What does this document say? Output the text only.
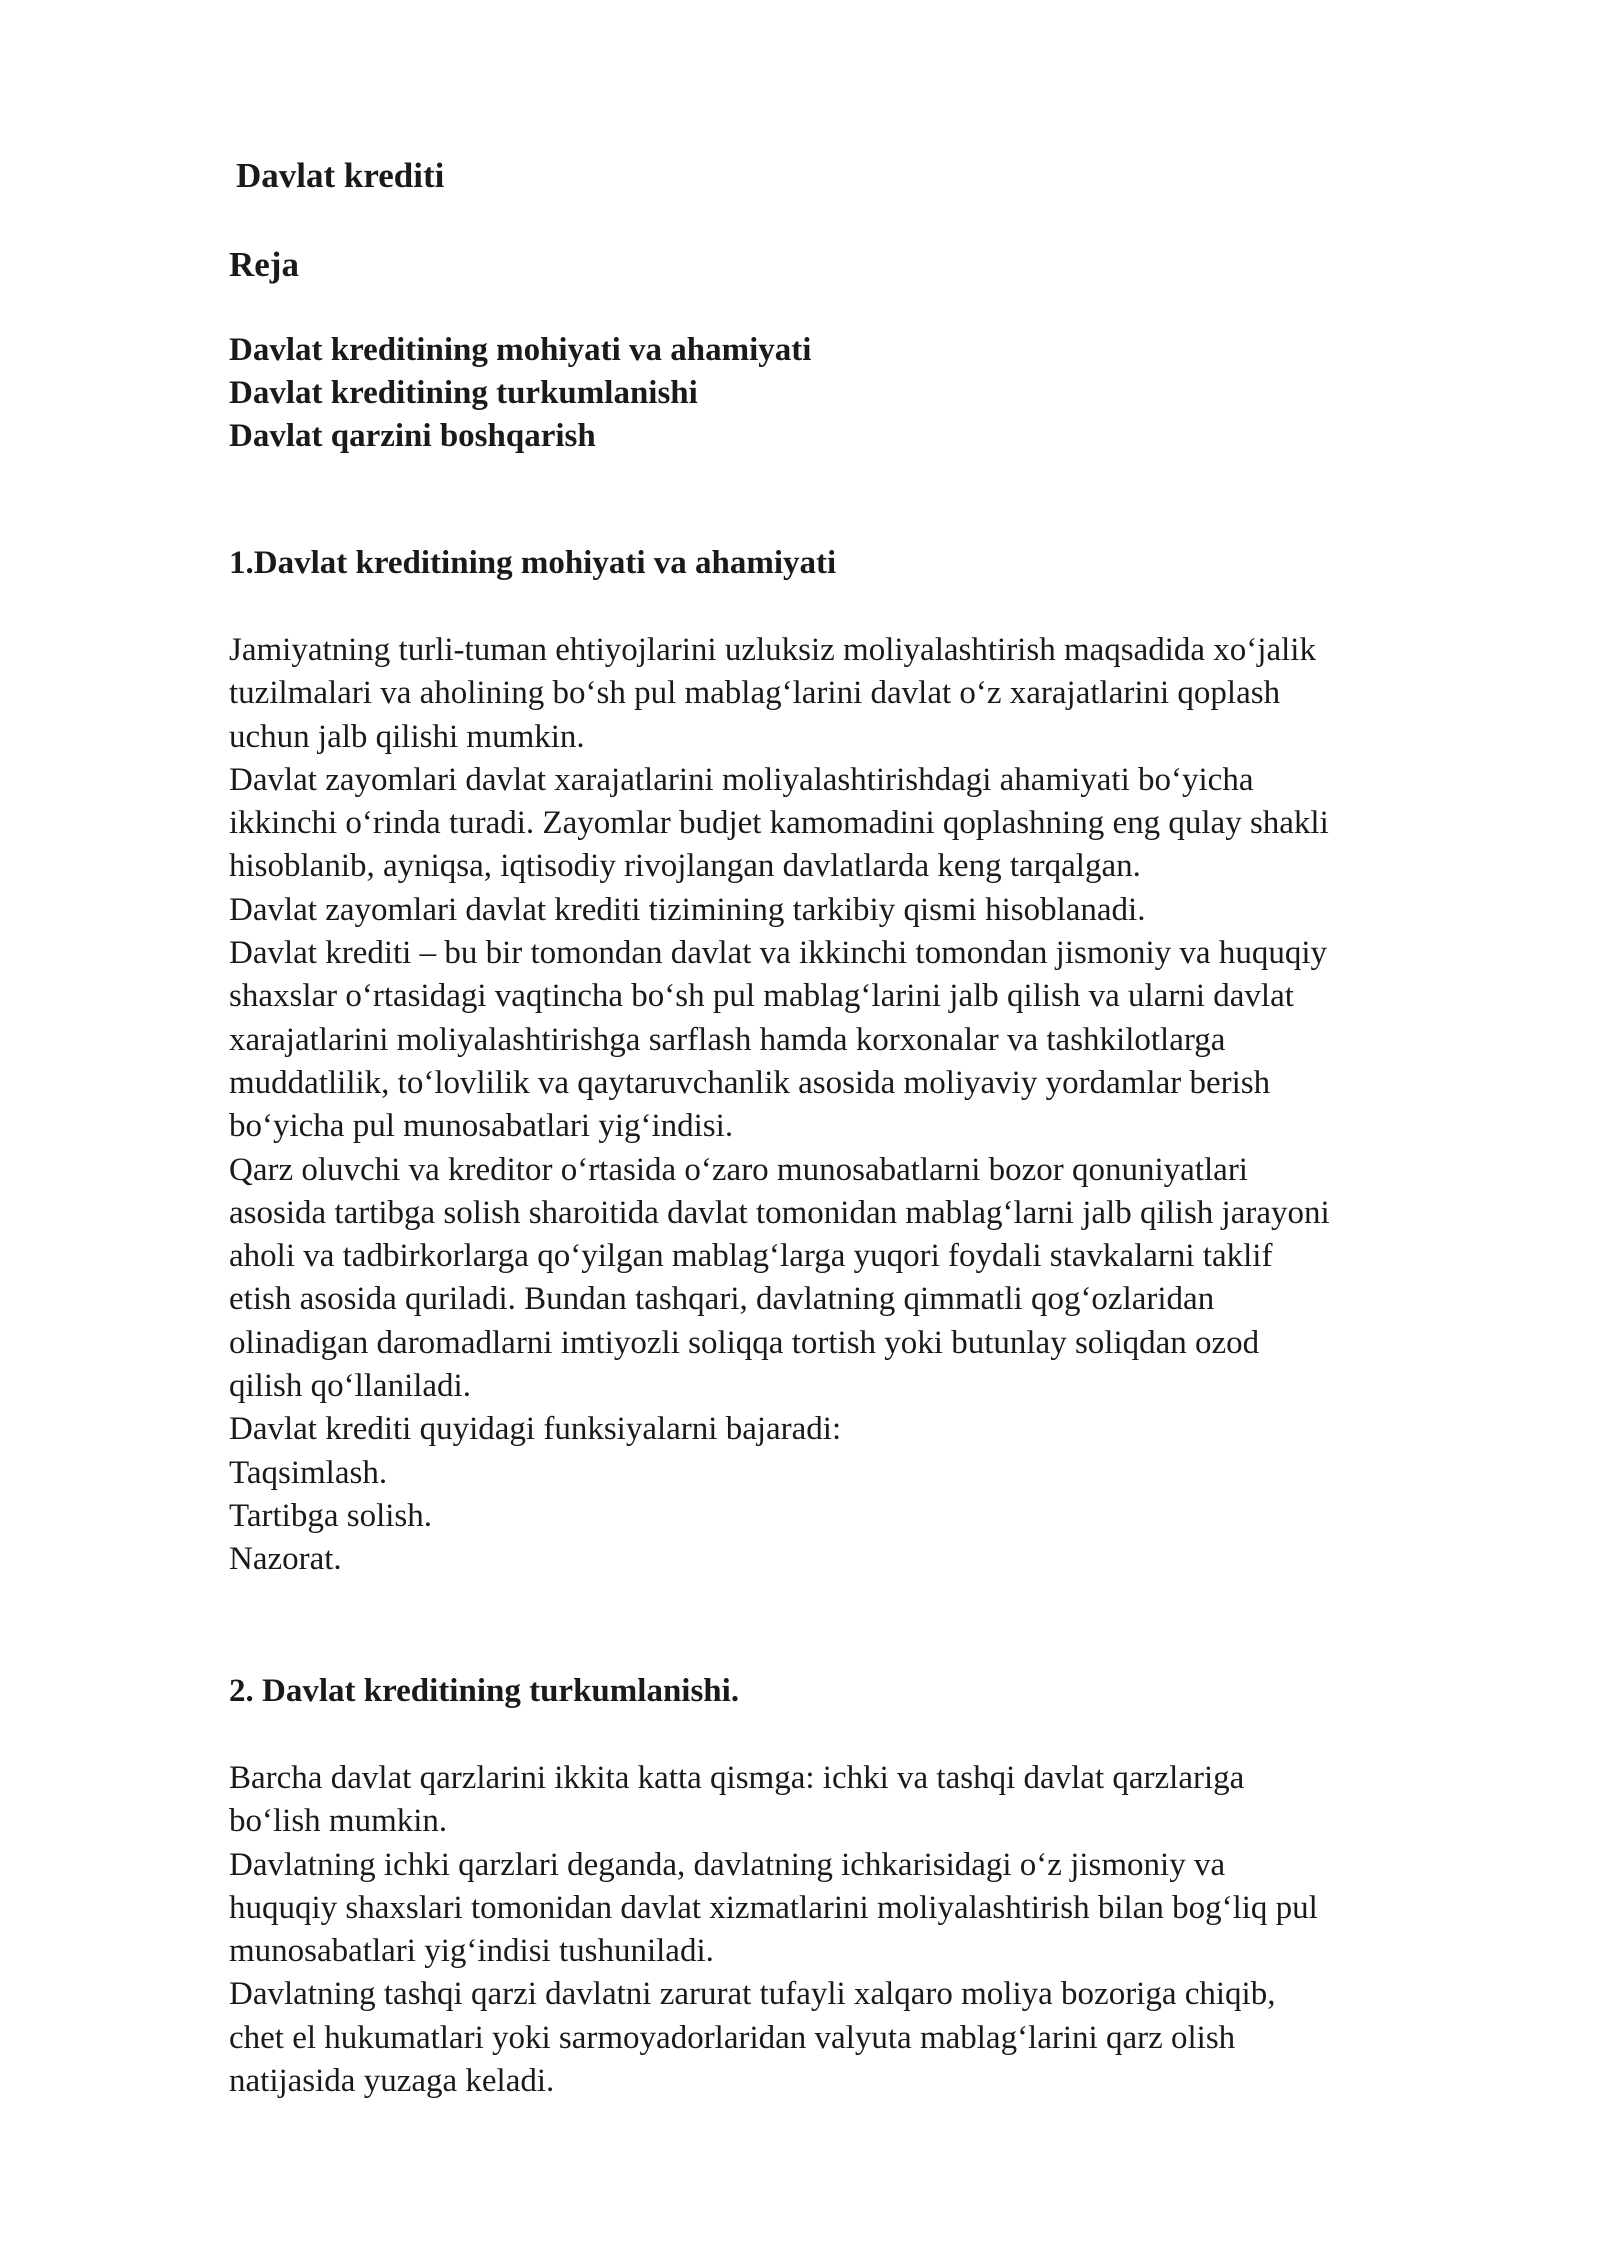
Davlat krediti
Reja
Davlat kreditining mohiyati va ahamiyati
Davlat kreditining turkumlanishi
Davlat qarzini boshqarish
1.Davlat kreditining mohiyati va ahamiyati

Jamiyatning turli-tuman ehtiyojlarini uzluksiz moliyalashtirish maqsadida xo‘jalik

tuzilmalari va aholining bo‘sh pul mablag‘larini davlat o‘z xarajatlarini qoplash

uchun jalb qilishi mumkin.

Davlat zayomlari davlat xarajatlarini moliyalashtirishdagi ahamiyati bo‘yicha

ikkinchi o‘rinda turadi. Zayomlar budjet kamomadini qoplashning eng qulay shakli

hisoblanib, ayniqsa, iqtisodiy rivojlangan davlatlarda keng tarqalgan.

Davlat zayomlari davlat krediti tizimining tarkibiy qismi hisoblanadi.

Davlat krediti – bu bir tomondan davlat va ikkinchi tomondan jismoniy va huquqiy

shaxslar o‘rtasidagi vaqtincha bo‘sh pul mablag‘larini jalb qilish va ularni davlat

xarajatlarini moliyalashtirishga sarflash hamda korxonalar va tashkilotlarga

muddatlilik, to‘lovlilik va qaytaruvchanlik asosida moliyaviy yordamlar berish

bo‘yicha pul munosabatlari yig‘indisi.

Qarz oluvchi va kreditor o‘rtasida o‘zaro munosabatlarni bozor qonuniyatlari

asosida tartibga solish sharoitida davlat tomonidan mablag‘larni jalb qilish jarayoni

aholi va tadbirkorlarga qo‘yilgan mablag‘larga yuqori foydali stavkalarni taklif

etish asosida quriladi. Bundan tashqari, davlatning qimmatli qog‘ozlaridan

olinadigan daromadlarni imtiyozli soliqqa tortish yoki butunlay soliqdan ozod

qilish qo‘llaniladi.

Davlat krediti quyidagi funksiyalarni bajaradi:

Taqsimlash.

Tartibga solish.

Nazorat.

2. Davlat kreditining turkumlanishi.

Barcha davlat qarzlarini ikkita katta qismga: ichki va tashqi davlat qarzlariga

bo‘lish mumkin.

Davlatning ichki qarzlari deganda, davlatning ichkarisidagi o‘z jismoniy va

huquqiy shaxslari tomonidan davlat xizmatlarini moliyalashtirish bilan bog‘liq pul

munosabatlari yig‘indisi tushuniladi.

Davlatning tashqi qarzi davlatni zarurat tufayli xalqaro moliya bozoriga chiqib,

chet el hukumatlari yoki sarmoyadorlaridan valyuta mablag‘larini qarz olish

natijasida yuzaga keladi.
